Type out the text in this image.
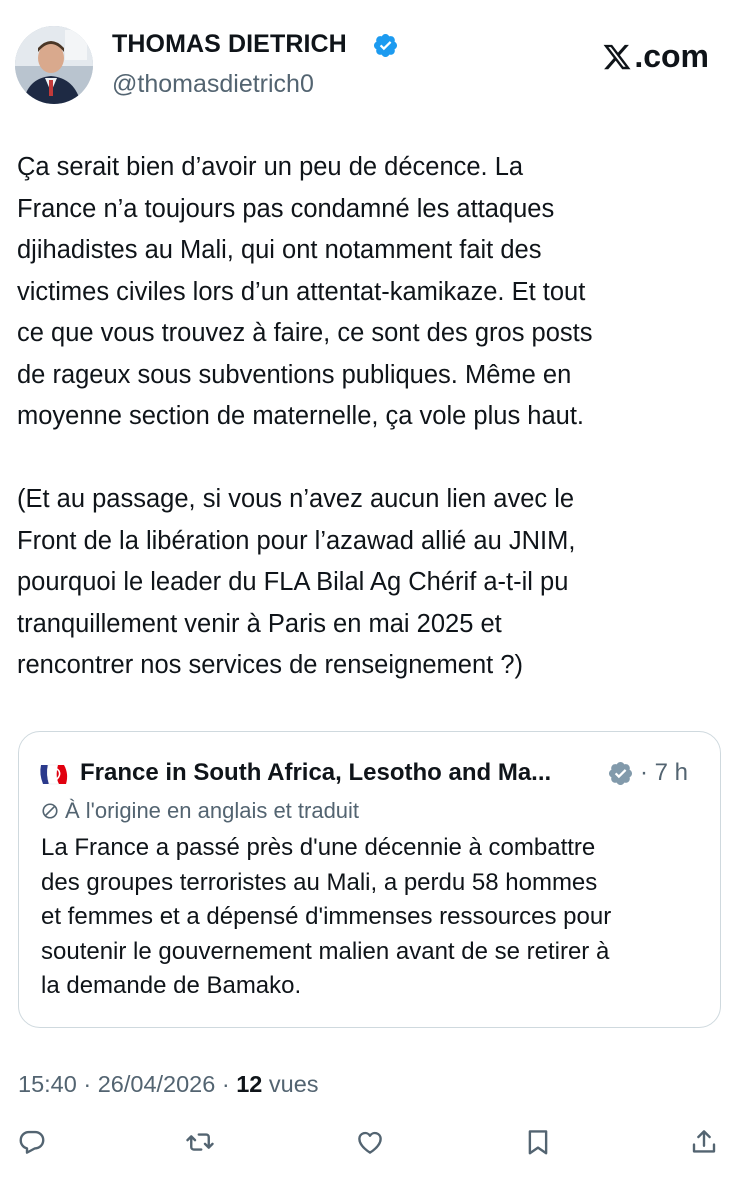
THOMAS DIETRICH
@thomasdietrich0
.com

Ça serait bien d’avoir un peu de décence. La
France n’a toujours pas condamné les attaques
djihadistes au Mali, qui ont notamment fait des
victimes civiles lors d’un attentat-kamikaze. Et tout
ce que vous trouvez à faire, ce sont des gros posts
de rageux sous subventions publiques. Même en
moyenne section de maternelle, ça vole plus haut.

(Et au passage, si vous n’avez aucun lien avec le
Front de la libération pour l’azawad allié au JNIM,
pourquoi le leader du FLA Bilal Ag Chérif a-t-il pu
tranquillement venir à Paris en mai 2025 et
rencontrer nos services de renseignement ?)

France in South Africa, Lesotho and Ma...	· 7 h
À l'origine en anglais et traduit
La France a passé près d'une décennie à combattre
des groupes terroristes au Mali, a perdu 58 hommes
et femmes et a dépensé d'immenses ressources pour
soutenir le gouvernement malien avant de se retirer à
la demande de Bamako.
15:40 · 26/04/2026 · 12 vues
